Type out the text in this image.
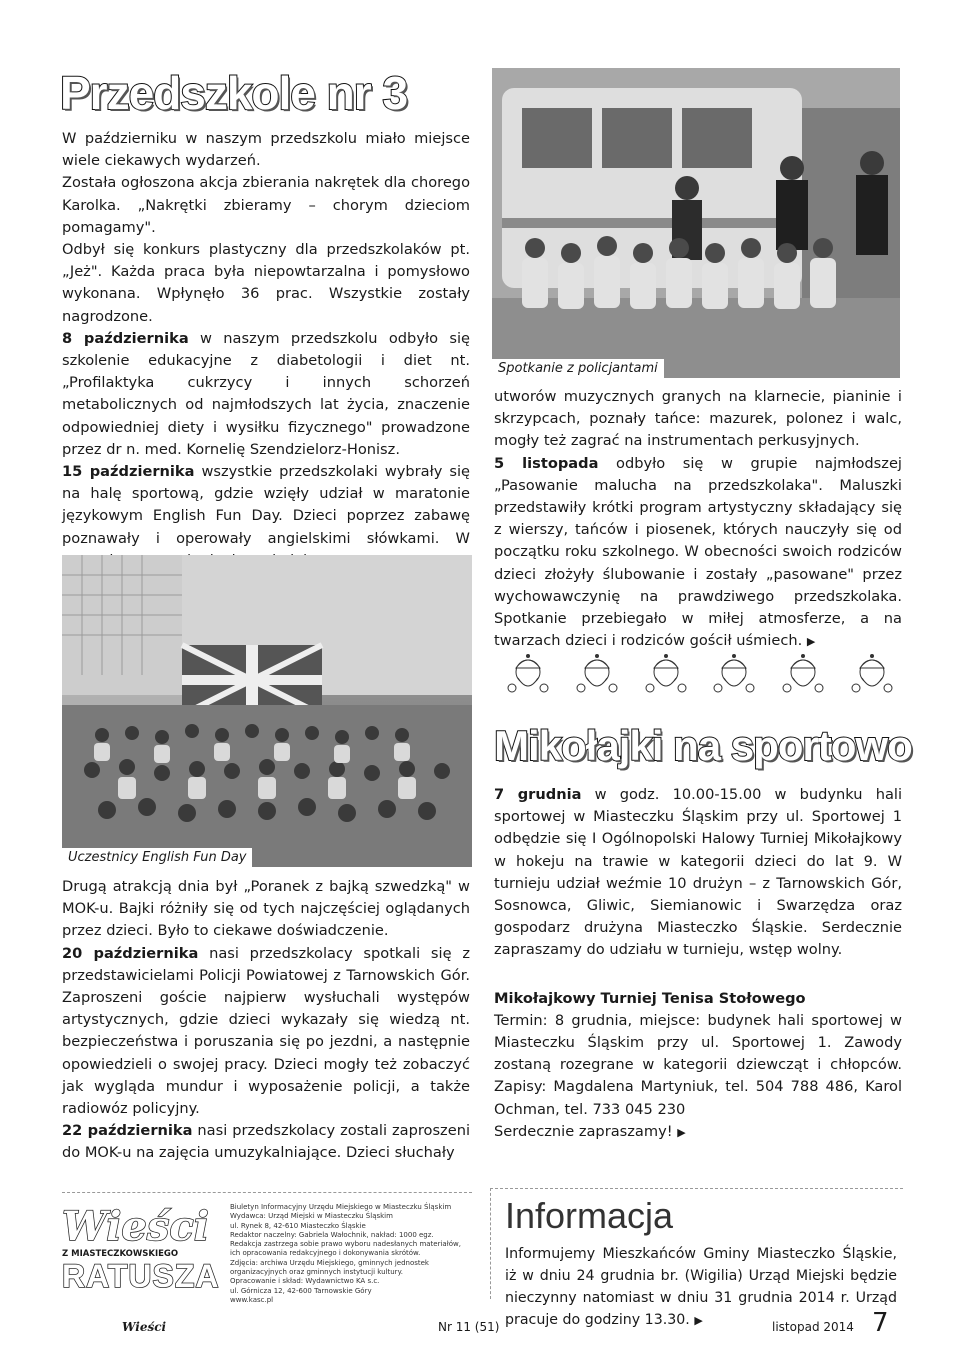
Przedszkole nr 3

W październiku w naszym przedszkolu miało miejsce wiele ciekawych wydarzeń.

Została ogłoszona akcja zbierania nakrętek dla chorego Karolka. „Nakrętki zbieramy – chorym dzieciom pomagamy".

Odbył się konkurs plastyczny dla przedszkolaków pt. „Jeż". Każda praca była niepowtarzalna i pomysłowo wykonana. Wpłynęło 36 prac. Wszystkie zostały nagrodzone.

8 października w naszym przedszkolu odbyło się szkolenie edukacyjne z diabetologii i diet nt. „Profilaktyka cukrzycy i innych schorzeń metabolicznych od najmłodszych lat życia, znaczenie odpowiedniej diety i wysiłku fizycznego" prowadzone przez dr n. med. Kornelię Szendzielorz-Honisz.

15 października wszystkie przedszkolaki wybrały się na halę sportową, gdzie wzięły udział w maratonie językowym English Fun Day. Dzieci poprzez zabawę poznawały i operowały angielskimi słówkami. W

Uczestnicy English Fun Day

Drugą atrakcją dnia był „Poranek z bajką szwedzką" w MOK-u. Bajki różniły się od tych najczęściej oglądanych przez dzieci. Było to ciekawe doświadczenie.

20 października nasi przedszkolacy spotkali się z przedstawicielami Policji Powiatowej z Tarnowskich Gór. Zaproszeni goście najpierw wysłuchali występów artystycznych, gdzie dzieci wykazały się wiedzą nt. bezpieczeństwa i poruszania się po jezdni, a następnie opowiedzieli o swojej pracy. Dzieci mogły też zobaczyć jak wygląda mundur i wyposażenie policji, a także radiowóz policyjny.

22 października nasi przedszkolacy zostali zaproszeni do MOK-u na zajęcia umuzykalniające. Dzieci słuchały

Wieści
Z MIASTECZKOWSKIEGO
RATUSZA
Biuletyn Informacyjny Urzędu Miejskiego w Miasteczku Śląskim
Wydawca: Urząd Miejski w Miasteczku Śląskim
ul. Rynek 8, 42-610 Miasteczko Śląskie
Redaktor naczelny: Gabriela Wałochnik, nakład: 1000 egz.
Redakcja zastrzega sobie prawo wyboru nadesłanych materiałów,
ich opracowania redakcyjnego i dokonywania skrótów.
Zdjęcia: archiwa Urzędu Miejskiego, gminnych jednostek
organizacyjnych oraz gminnych instytucji kultury.
Opracowanie i skład: Wydawnictwo KA s.c.
ul. Górnicza 12, 42-600 Tarnowskie Góry
www.kasc.pl
Spotkanie z policjantami

utworów muzycznych granych na klarnecie, pianinie i skrzypcach, poznały tańce: mazurek, polonez i walc, mogły też zagrać na instrumentach perkusyjnych.

5 listopada odbyło się w grupie najmłodszej „Pasowanie malucha na przedszkolaka". Maluszki przedstawiły krótki program artystyczny składający się z wierszy, tańców i piosenek, których nauczyły się od początku roku szkolnego. W obecności swoich rodziców dzieci złożyły ślubowanie i zostały „pasowane" przez wychowawczynię na prawdziwego przedszkolaka. Spotkanie przebiegało w miłej atmosferze, a na twarzach dzieci i rodziców gościł uśmiech. ▶

Mikołajki na sportowo

7 grudnia w godz. 10.00-15.00 w budynku hali sportowej w Miasteczku Śląskim przy ul. Sportowej 1 odbędzie się I Ogólnopolski Halowy Turniej Mikołajkowy w hokeju na trawie w kategorii dzieci do lat 9. W turnieju udział weźmie 10 drużyn – z Tarnowskich Gór, Sosnowca, Gliwic, Siemianowic i Swarzędza oraz gospodarz drużyna Miasteczko Śląskie. Serdecznie zapraszamy do udziału w turnieju, wstęp wolny.

Mikołajkowy Turniej Tenisa Stołowego

Termin: 8 grudnia, miejsce: budynek hali sportowej w Miasteczku Śląskim przy ul. Sportowej 1. Zawody zostaną rozegrane w kategorii dziewcząt i chłopców. Zapisy: Magdalena Martyniuk, tel. 504 788 486, Karol Ochman, tel. 733 045 230

Serdecznie zapraszamy! ▶

Informacja

Informujemy Mieszkańców Gminy Miasteczko Śląskie, iż w dniu 24 grudnia br. (Wigilia) Urząd Miejski będzie nieczynny natomiast w dniu 31 grudnia 2014 r. Urząd pracuje do godziny 13.30. ▶

Wieści	Nr 11 (51)	listopad 2014 7
